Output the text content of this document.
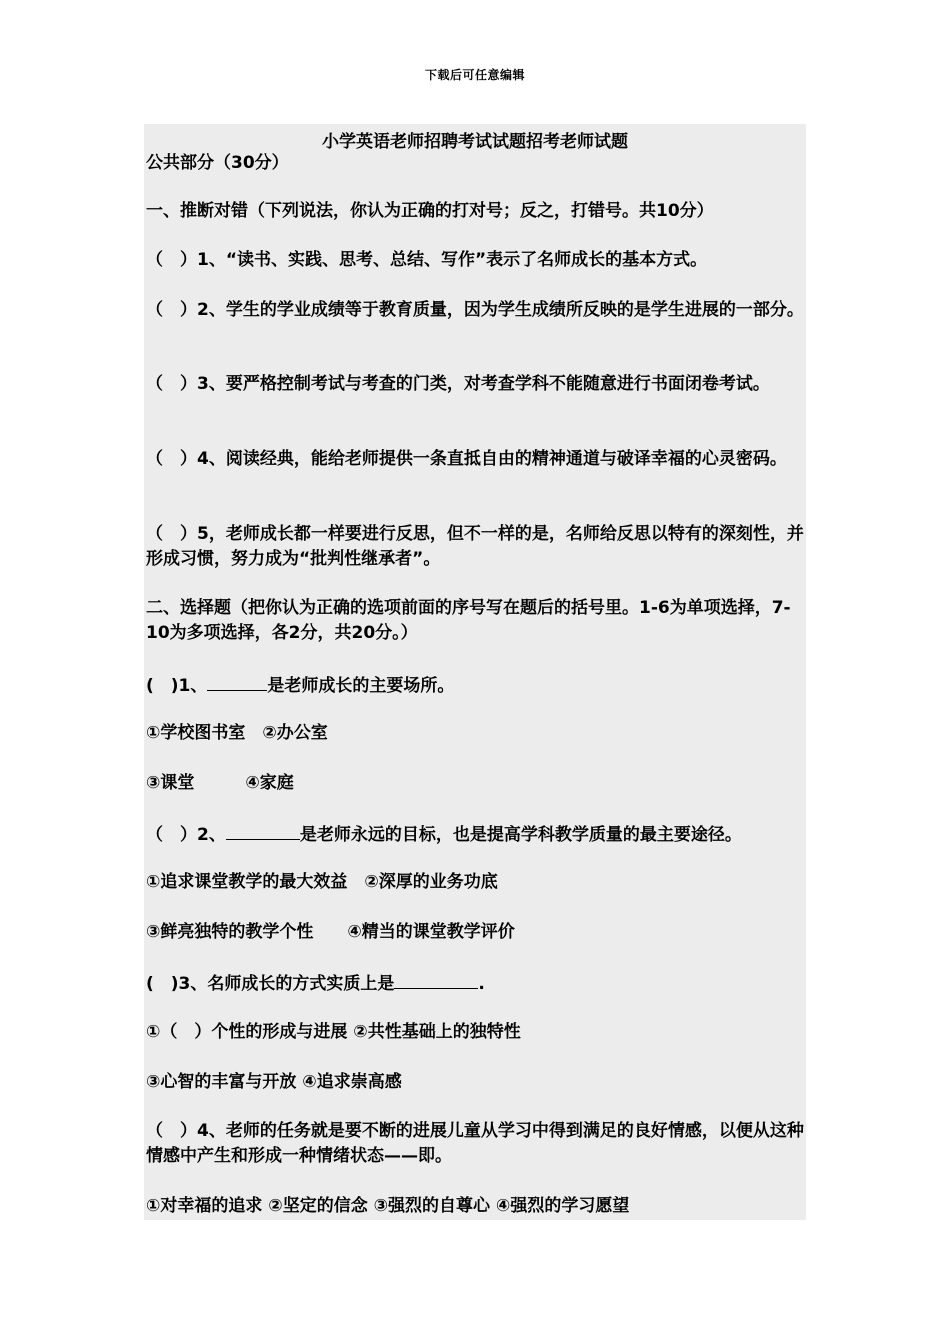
下载后可任意编辑
小学英语老师招聘考试试题招考老师试题
公共部分（30分）
一、推断对错（下列说法，你认为正确的打对号；反之，打错号。共10分）
（　）1、“读书、实践、思考、总结、写作”表示了名师成长的基本方式。
（　）2、学生的学业成绩等于教育质量，因为学生成绩所反映的是学生进展的一部分。
（　）3、要严格控制考试与考查的门类，对考查学科不能随意进行书面闭卷考试。
（　）4、阅读经典，能给老师提供一条直抵自由的精神通道与破译幸福的心灵密码。
（　）5，老师成长都一样要进行反思，但不一样的是，名师给反思以特有的深刻性，并形成习惯，努力成为“批判性继承者”。
二、选择题（把你认为正确的选项前面的序号写在题后的括号里。1-6为单项选择，7-10为多项选择，各2分，共20分。）
(　)1、	是老师成长的主要场所。
①学校图书室　②办公室
③课堂　　　④家庭
（　）2、	是老师永远的目标，也是提高学科教学质量的最主要途径。
①追求课堂教学的最大效益　②深厚的业务功底
③鲜亮独特的教学个性　　④精当的课堂教学评价
(　)3、名师成长的方式实质上是	.
①（　）个性的形成与进展 ②共性基础上的独特性
③心智的丰富与开放 ④追求崇高感
（　）4、老师的任务就是要不断的进展儿童从学习中得到满足的良好情感，以便从这种情感中产生和形成一种情绪状态——即。
①对幸福的追求 ②坚定的信念 ③强烈的自尊心 ④强烈的学习愿望
